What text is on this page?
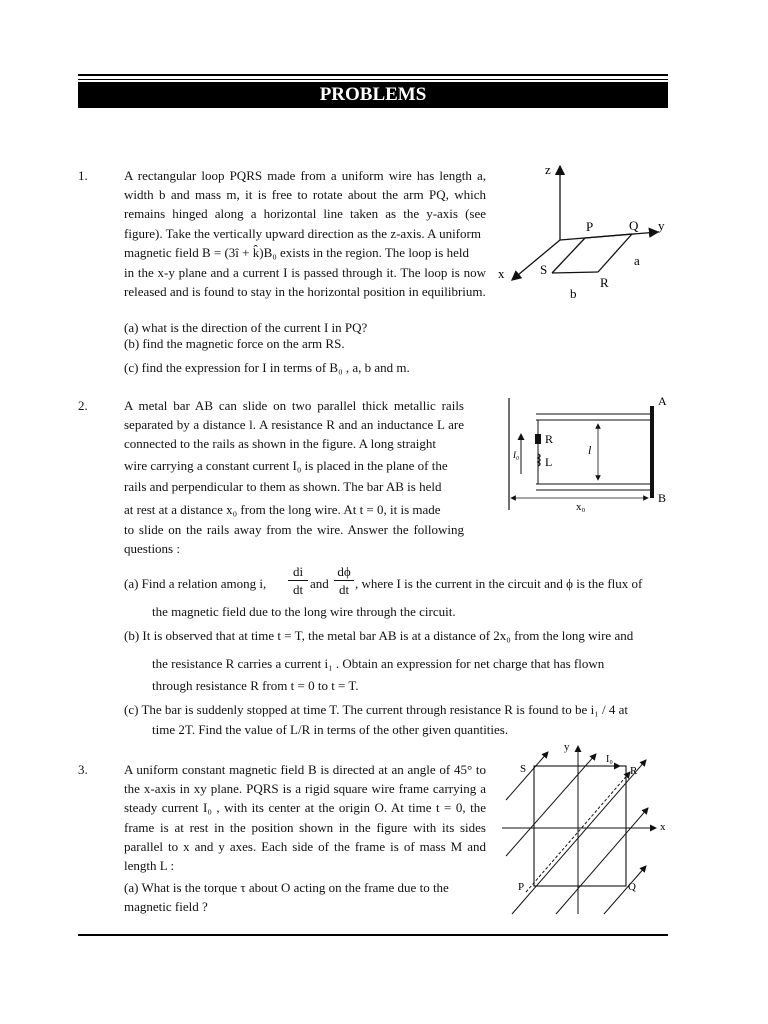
PROBLEMS
1.	A rectangular loop PQRS made from a uniform wire has length a, width b and mass m, it is free to rotate about the arm PQ, which remains hinged along a horizontal line taken as the y-axis (see figure). Take the vertically upward direction as the z-axis. A uniform
magnetic field B = (3î + k̂)B₀ exists in the region. The loop is held
in the x-y plane and a current I is passed through it. The loop is now released and is found to stay in the horizontal position in equilibrium.
(a) what is the direction of the current I in PQ?
(b) find the magnetic force on the arm RS.
(c) find the expression for I in terms of B₀ , a, b and m.
z
P	Q y
x	S
a
R
b
2.	A metal bar AB can slide on two parallel thick metallic rails separated by a distance l. A resistance R and an inductance L are connected to the rails as shown in the figure. A long straight
wire carrying a constant current I₀ is placed in the plane of the
rails and perpendicular to them as shown. The bar AB is held
at rest at a distance x₀ from the long wire. At t = 0, it is made
to slide on the rails away from the wire. Answer the following questions :
(a) Find a relation among i, $\frac{di}{dt}$ and $\frac{d\phi}{dt}$ , where I is the current in the circuit and ϕ is the flux of
the magnetic field due to the long wire through the circuit.
(b) It is observed that at time t = T, the metal bar AB is at a distance of 2x₀ from the long wire and
the resistance R carries a current i₁ . Obtain an expression for net charge that has flown
through resistance R from t = 0 to t = T.
(c) The bar is suddenly stopped at time T. The current through resistance R is found to be i₁ / 4 at
time 2T. Find the value of L/R in terms of the other given quantities.
A
B
R
L
l
I₀
x₀
3.	A uniform constant magnetic field B is directed at an angle of 45° to the x-axis in xy plane. PQRS is a rigid square wire frame carrying a steady current I₀ , with its center at the origin O. At time t = 0, the frame is at rest in the position shown in the figure with its sides parallel to x and y axes. Each side of the frame is of mass M and length L :
(a) What is the torque τ about O acting on the frame due to the magnetic field ?
y
x
I₀
S	R
P	Q
